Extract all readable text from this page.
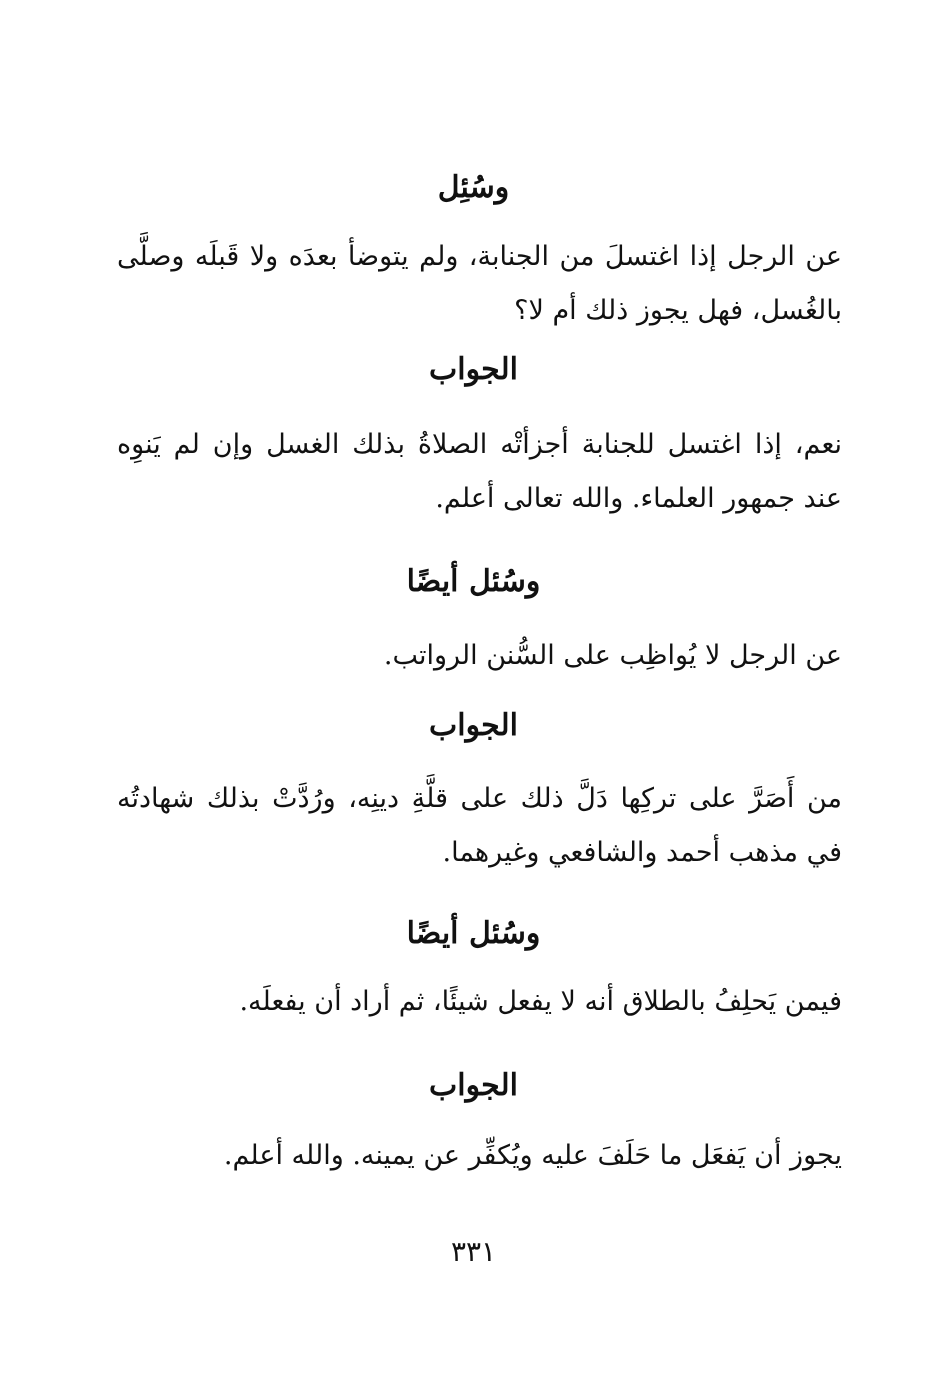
وسُئِل
عن الرجل إذا اغتسلَ من الجنابة، ولم يتوضأ بعدَه ولا قَبلَه وصلَّى بالغُسل، فهل يجوز ذلك أم لا؟
الجواب
نعم، إذا اغتسل للجنابة أجزأتْه الصلاةُ بذلك الغسل وإن لم يَنوِه عند جمهور العلماء. والله تعالى أعلم.
وسُئل أيضًا
عن الرجل لا يُواظِب على السُّنن الرواتب.
الجواب
من أَصَرَّ على تركِها دَلَّ ذلك على قلَّةِ دينِه، ورُدَّتْ بذلك شهادتُه في مذهب أحمد والشافعي وغيرهما.
وسُئل أيضًا
فيمن يَحلِفُ بالطلاق أنه لا يفعل شيئًا، ثم أراد أن يفعلَه.
الجواب
يجوز أن يَفعَل ما حَلَفَ عليه ويُكفِّر عن يمينه. والله أعلم.
٣٣١
